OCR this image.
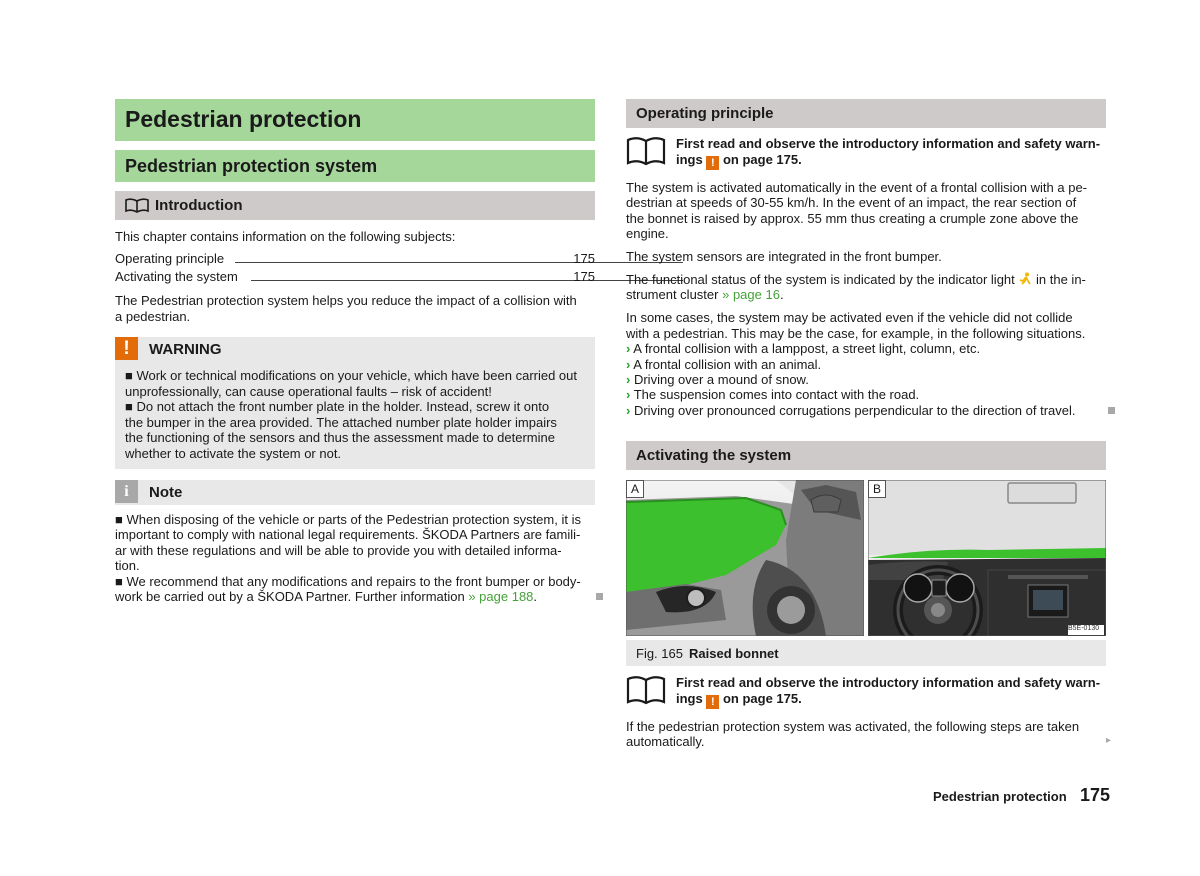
Pedestrian protection
Pedestrian protection system
Introduction
This chapter contains information on the following subjects:
Operating principle	175
Activating the system	175
The Pedestrian protection system helps you reduce the impact of a collision with
a pedestrian.
!	WARNING
■ Work or technical modifications on your vehicle, which have been carried out
unprofessionally, can cause operational faults – risk of accident!
■ Do not attach the front number plate in the holder. Instead, screw it onto
the bumper in the area provided. The attached number plate holder impairs
the functioning of the sensors and thus the assessment made to determine
whether to activate the system or not.
i	Note
■ When disposing of the vehicle or parts of the Pedestrian protection system, it is
important to comply with national legal requirements. ŠKODA Partners are famili-
ar with these regulations and will be able to provide you with detailed informa-
tion.
■ We recommend that any modifications and repairs to the front bumper or body-
work be carried out by a ŠKODA Partner. Further information » page 188.
Operating principle
First read and observe the introductory information and safety warn-
ings ! on page 175.
The system is activated automatically in the event of a frontal collision with a pe-
destrian at speeds of 30-55 km/h. In the event of an impact, the rear section of
the bonnet is raised by approx. 55 mm thus creating a crumple zone above the
engine.
The system sensors are integrated in the front bumper.
The functional status of the system is indicated by the indicator light in the in-
strument cluster » page 16.
In some cases, the system may be activated even if the vehicle did not collide
with a pedestrian. This may be the case, for example, in the following situations.
› A frontal collision with a lamppost, a street light, column, etc.
› A frontal collision with an animal.
› Driving over a mound of snow.
› The suspension comes into contact with the road.
› Driving over pronounced corrugations perpendicular to the direction of travel.
Activating the system
A	B
B5E-0130
Fig. 165 Raised bonnet
First read and observe the introductory information and safety warn-
ings ! on page 175.
If the pedestrian protection system was activated, the following steps are taken
automatically.	▸
Pedestrian protection 175
